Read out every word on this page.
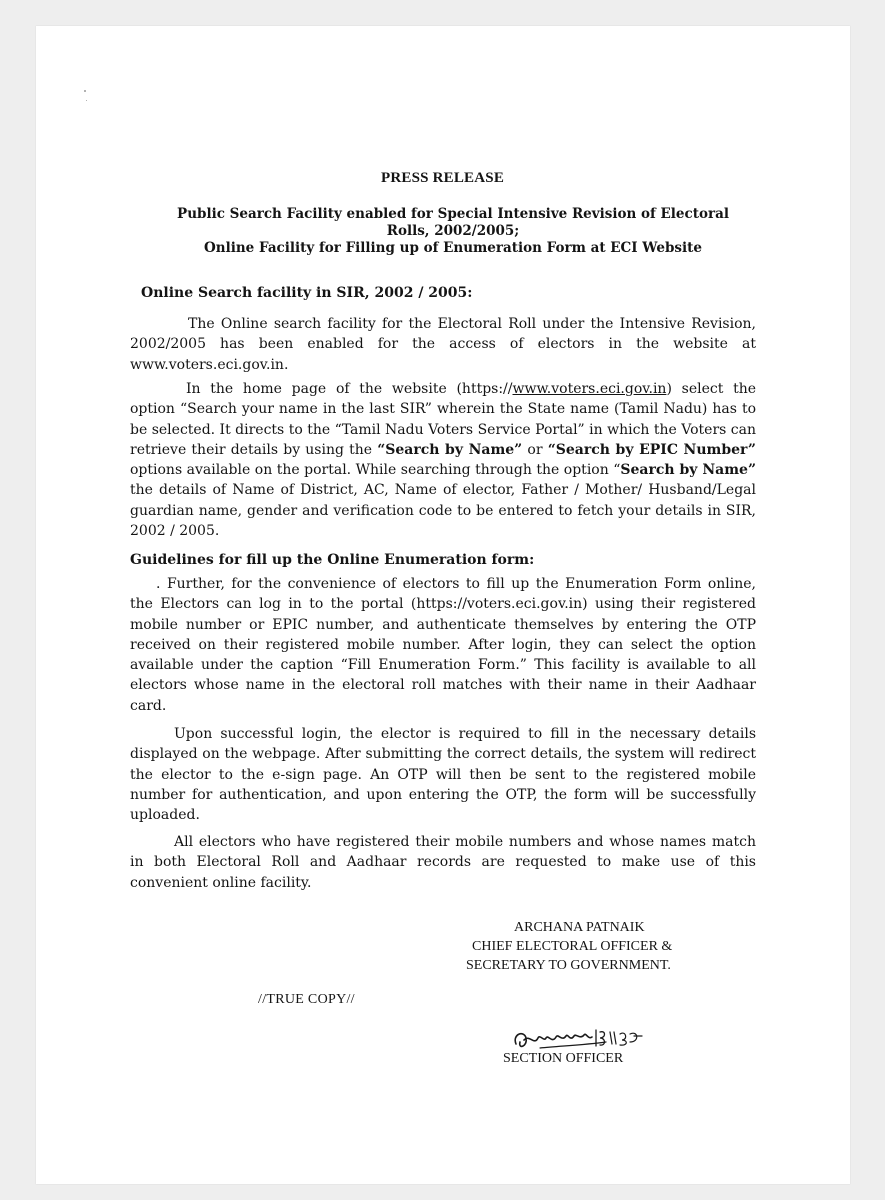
PRESS RELEASE
Public Search Facility enabled for Special Intensive Revision of Electoral
Rolls, 2002/2005;
Online Facility for Filling up of Enumeration Form at ECI Website
Online Search facility in SIR, 2002 / 2005:
The Online search facility for the Electoral Roll under the Intensive Revision, 2002/2005 has been enabled for the access of electors in the website at www.voters.eci.gov.in.
In the home page of the website (https://www.voters.eci.gov.in) select the option “Search your name in the last SIR” wherein the State name (Tamil Nadu) has to be selected. It directs to the “Tamil Nadu Voters Service Portal” in which the Voters can retrieve their details by using the “Search by Name” or “Search by EPIC Number” options available on the portal. While searching through the option “Search by Name” the details of Name of District, AC, Name of elector, Father / Mother/ Husband/Legal guardian name, gender and verification code to be entered to fetch your details in SIR, 2002 / 2005.
Guidelines for fill up the Online Enumeration form:
. Further, for the convenience of electors to fill up the Enumeration Form online, the Electors can log in to the portal (https://voters.eci.gov.in) using their registered mobile number or EPIC number, and authenticate themselves by entering the OTP received on their registered mobile number. After login, they can select the option available under the caption “Fill Enumeration Form.” This facility is available to all electors whose name in the electoral roll matches with their name in their Aadhaar card.
Upon successful login, the elector is required to fill in the necessary details displayed on the webpage. After submitting the correct details, the system will redirect the elector to the e-sign page. An OTP will then be sent to the registered mobile number for authentication, and upon entering the OTP, the form will be successfully uploaded.
All electors who have registered their mobile numbers and whose names match in both Electoral Roll and Aadhaar records are requested to make use of this convenient online facility.
ARCHANA PATNAIK
CHIEF ELECTORAL OFFICER &
SECRETARY TO GOVERNMENT.
//TRUE COPY//
SECTION OFFICER
